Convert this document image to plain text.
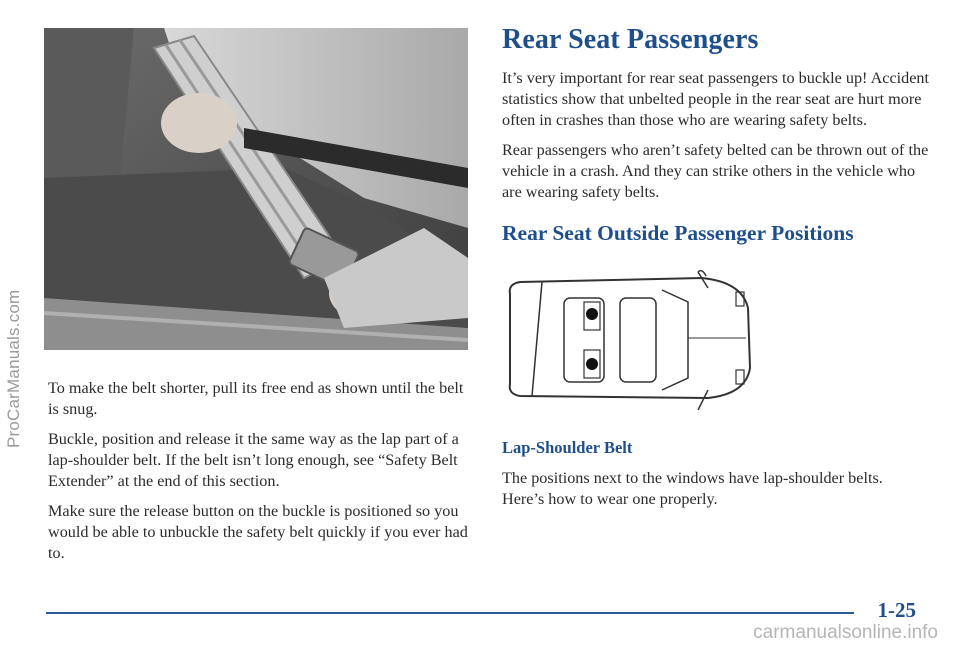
ProCarManuals.com To make the belt shorter, pull its free end as shown until the belt is snug.

Buckle, position and release it the same way as the lap part of a lap-shoulder belt. If the belt isn’t long enough, see “Safety Belt Extender” at the end of this section.

Make sure the release button on the buckle is positioned so you would be able to unbuckle the safety belt quickly if you ever had to.

Rear Seat Passengers

It’s very important for rear seat passengers to buckle up! Accident statistics show that unbelted people in the rear seat are hurt more often in crashes than those who are wearing safety belts.

Rear passengers who aren’t safety belted can be thrown out of the vehicle in a crash. And they can strike others in the vehicle who are wearing safety belts.

Rear Seat Outside Passenger Positions
Lap-Shoulder Belt

The positions next to the windows have lap-shoulder belts. Here’s how to wear one properly.

1-25
carmanualsonline.info
